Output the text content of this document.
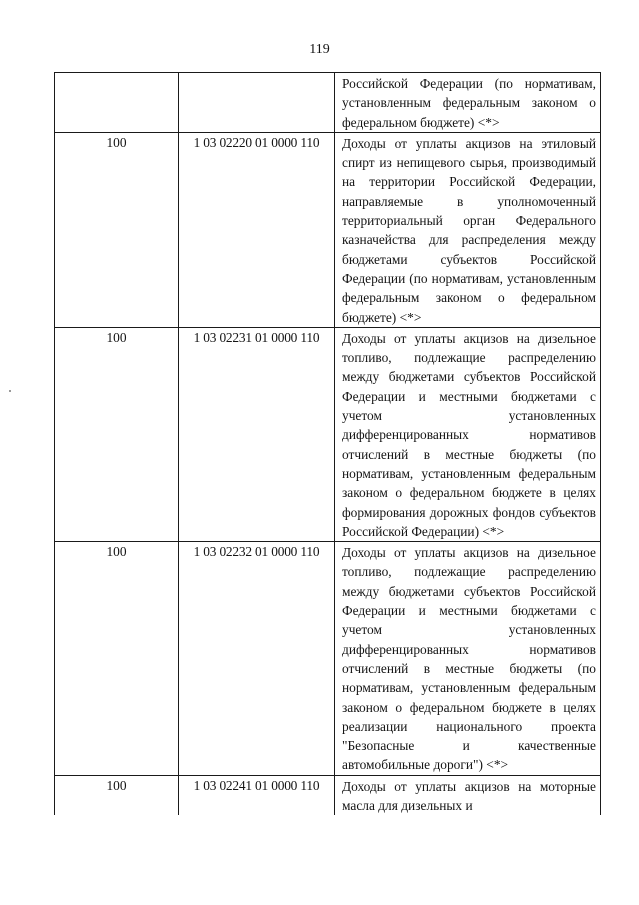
119

		Российской Федерации (по нормативам, установленным федеральным законом о федеральном бюджете) <*>

100	1 03 02220 01 0000 110	Доходы от уплаты акцизов на этиловый спирт из непищевого сырья, производимый на территории Российской Федерации, направляемые в уполномоченный территориальный орган Федерального казначейства для распределения между бюджетами субъектов Российской Федерации (по нормативам, установленным федеральным законом о федеральном бюджете) <*>

100	1 03 02231 01 0000 110	Доходы от уплаты акцизов на дизельное топливо, подлежащие распределению между бюджетами субъектов Российской Федерации и местными бюджетами с учетом установленных дифференцированных нормативов отчислений в местные бюджеты (по нормативам, установленным федеральным законом о федеральном бюджете в целях формирования дорожных фондов субъектов Российской Федерации) <*>

100	1 03 02232 01 0000 110	Доходы от уплаты акцизов на дизельное топливо, подлежащие распределению между бюджетами субъектов Российской Федерации и местными бюджетами с учетом установленных дифференцированных нормативов отчислений в местные бюджеты (по нормативам, установленным федеральным законом о федеральном бюджете в целях реализации национального проекта "Безопасные и качественные автомобильные дороги") <*>

100	1 03 02241 01 0000 110	Доходы от уплаты акцизов на моторные масла для дизельных и
